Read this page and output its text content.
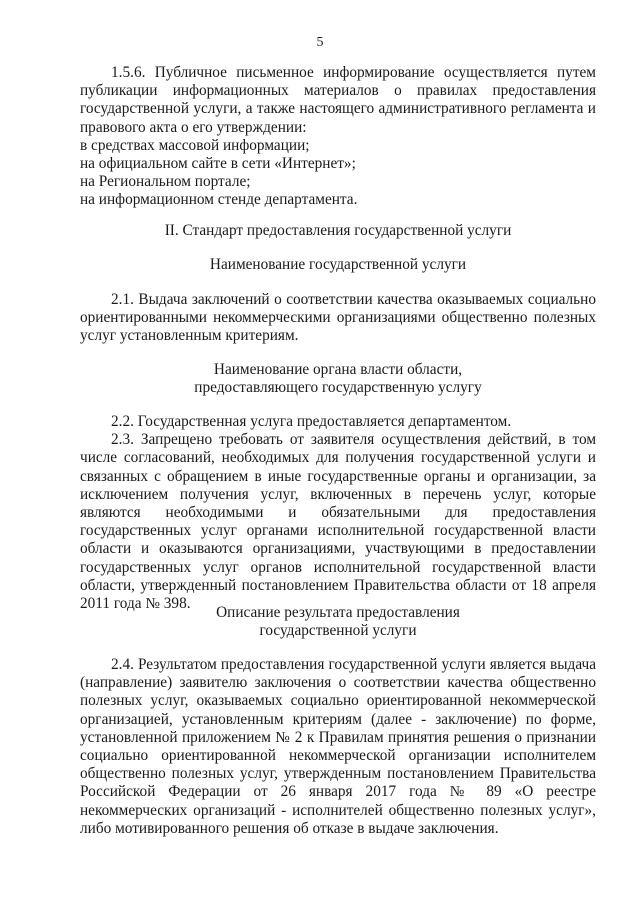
5

1.5.6. Публичное письменное информирование осуществляется путем публикации информационных материалов о правилах предоставления государственной услуги, а также настоящего административного регламента и правового акта о его утверждении:

в средствах массовой информации;

на официальном сайте в сети «Интернет»;

на Региональном портале;

на информационном стенде департамента.

II. Стандарт предоставления государственной услуги

Наименование государственной услуги

2.1. Выдача заключений о соответствии качества оказываемых социально ориентированными некоммерческими организациями общественно полезных услуг установленным критериям.

Наименование органа власти области,

предоставляющего государственную услугу

2.2. Государственная услуга предоставляется департаментом.

2.3. Запрещено требовать от заявителя осуществления действий, в том числе согласований, необходимых для получения государственной услуги и связанных с обращением в иные государственные органы и организации, за исключением получения услуг, включенных в перечень услуг, которые являются необходимыми и обязательными для предоставления государственных услуг органами исполнительной государственной власти области и оказываются организациями, участвующими в предоставлении государственных услуг органов исполнительной государственной власти области, утвержденный постановлением Правительства области от 18 апреля 2011 года № 398.

Описание результата предоставления

государственной услуги

2.4. Результатом предоставления государственной услуги является выдача (направление) заявителю заключения о соответствии качества общественно полезных услуг, оказываемых социально ориентированной некоммерческой организацией, установленным критериям (далее - заключение) по форме, установленной приложением № 2 к Правилам принятия решения о признании социально ориентированной некоммерческой организации исполнителем общественно полезных услуг, утвержденным постановлением Правительства Российской Федерации от 26 января 2017 года № 89 «О реестре некоммерческих организаций - исполнителей общественно полезных услуг», либо мотивированного решения об отказе в выдаче заключения.
